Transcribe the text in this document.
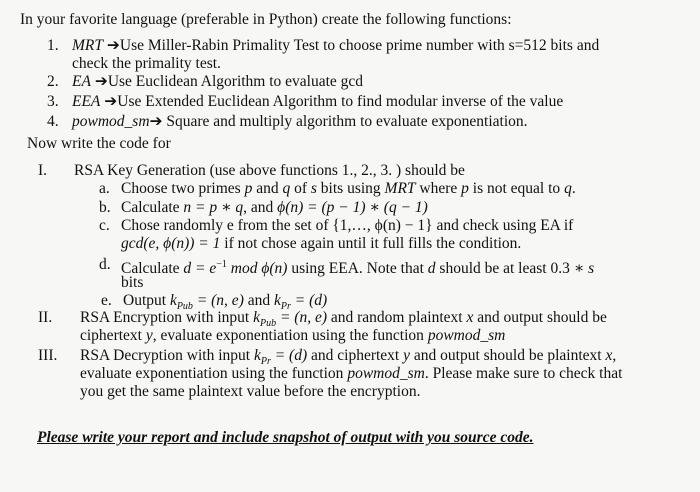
In your favorite language (preferable in Python) create the following functions:
1. MRT ➔Use Miller-Rabin Primality Test to choose prime number with s=512 bits and
check the primality test.
2. EA ➔Use Euclidean Algorithm to evaluate gcd
3. EEA ➔Use Extended Euclidean Algorithm to find modular inverse of the value
4. powmod_sm➔ Square and multiply algorithm to evaluate exponentiation.
Now write the code for
I. RSA Key Generation (use above functions 1., 2., 3. ) should be
a. Choose two primes p and q of s bits using MRT where p is not equal to q.
b. Calculate n = p ∗ q, and ϕ(n) = (p − 1) ∗ (q − 1)
c. Chose randomly e from the set of {1,…, ϕ(n) − 1} and check using EA if
gcd(e, ϕ(n)) = 1 if not chose again until it full fills the condition.
d. Calculate $d = e^{-1}$ mod ϕ(n) using EEA. Note that d should be at least 0.3 ∗ s
bits
e. Output $k_{Pub} = (n$, e) and $k_{Pr} = (d)$
II. RSA Encryption with input $k_{Pub} = (n$, e) and random plaintext x and output should be
ciphertext y, evaluate exponentiation using the function powmod_sm
III. RSA Decryption with input $k_{Pr} = (d)$ and ciphertext y and output should be plaintext x,
evaluate exponentiation using the function powmod_sm. Please make sure to check that
you get the same plaintext value before the encryption.
Please write your report and include snapshot of output with you source code.
